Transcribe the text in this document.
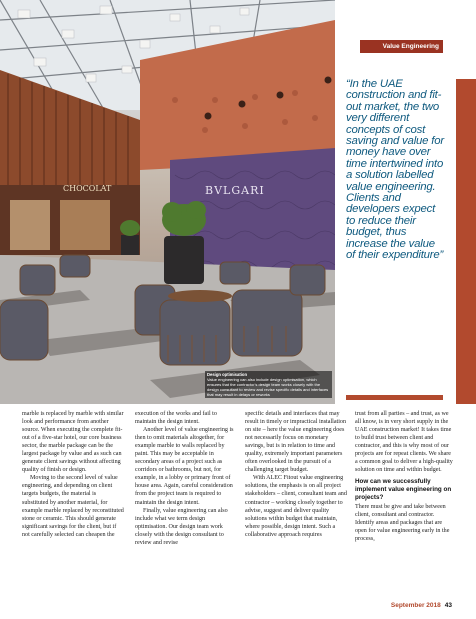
CHOCOLAT	BVLGARI
Design optimisation
Value engineering can also include design optimisation, which ensures that the contractor's design team works closely with the design consultant to review and revise specific details and interfaces that may result in delays or reworks
Value Engineering

“In the UAE construction and fit-out market, the two very different concepts of cost saving and value for money have over time intertwined into a solution labelled value engineering. Clients and developers expect to reduce their budget, thus increase the value of their expenditure”

marble is replaced by marble with similar look and performance from another source. When executing the complete fit-out of a five-star hotel, our core business sector, the marble package can be the largest package by value and as such can generate client savings without affecting quality of finish or design.

Moving to the second level of value engineering, and depending on client targets budgets, the material is substituted by another material, for example marble replaced by reconstituted stone or ceramic. This should generate significant savings for the client, but if not carefully selected can cheapen the

execution of the works and fail to maintain the design intent.

Another level of value engineering is then to omit materials altogether, for example marble to walls replaced by paint. This may be acceptable in secondary areas of a project such as corridors or bathrooms, but not, for example, in a lobby or primary front of house area. Again, careful consideration from the project team is required to maintain the design intent.

Finally, value engineering can also include what we term design optimisation. Our design team work closely with the design consultant to review and revise

specific details and interfaces that may result in timely or impractical installation on site – here the value engineering does not necessarily focus on monetary savings, but is in relation to time and quality, extremely important parameters often overlooked in the pursuit of a challenging target budget.

With ALEC Fitout value engineering solutions, the emphasis is on all project stakeholders – client, consultant team and contractor – working closely together to advise, suggest and deliver quality solutions within budget that maintain, where possible, design intent. Such a collaborative approach requires

trust from all parties – and trust, as we all know, is in very short supply in the UAE construction market! It takes time to build trust between client and contractor, and this is why most of our projects are for repeat clients. We share a common goal to deliver a high-quality solution on time and within budget.

How can we successfully implement value engineering on projects?

There must be give and take between client, consultant and contractor. Identify areas and packages that are open for value engineering early in the process,

September 2018 43
